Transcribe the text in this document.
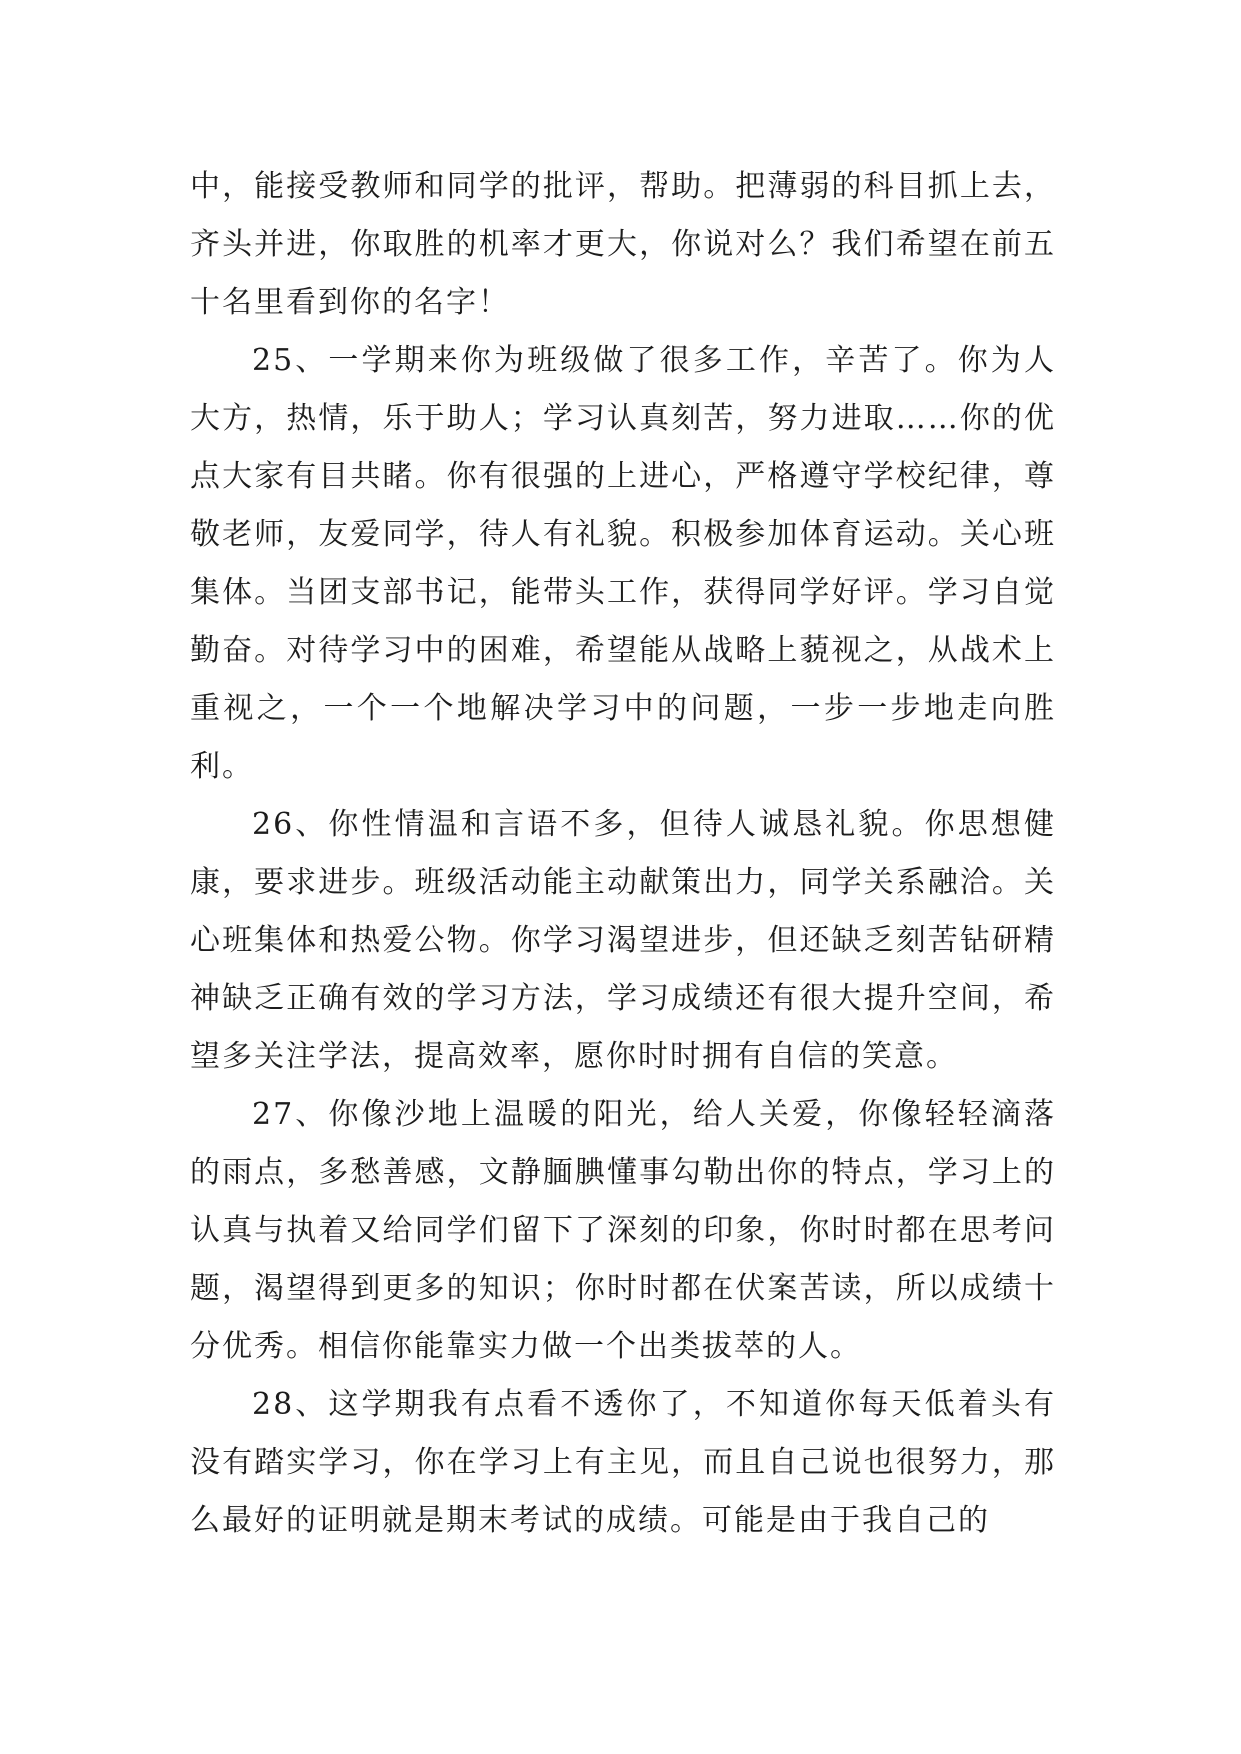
中，能接受教师和同学的批评，帮助。把薄弱的科目抓上去，齐头并进，你取胜的机率才更大，你说对么？我们希望在前五十名里看到你的名字！

25、一学期来你为班级做了很多工作，辛苦了。你为人大方，热情，乐于助人；学习认真刻苦，努力进取……你的优点大家有目共睹。你有很强的上进心，严格遵守学校纪律，尊敬老师，友爱同学，待人有礼貌。积极参加体育运动。关心班集体。当团支部书记，能带头工作，获得同学好评。学习自觉勤奋。对待学习中的困难，希望能从战略上藐视之，从战术上重视之，一个一个地解决学习中的问题，一步一步地走向胜利。

26、你性情温和言语不多，但待人诚恳礼貌。你思想健康，要求进步。班级活动能主动献策出力，同学关系融洽。关心班集体和热爱公物。你学习渴望进步，但还缺乏刻苦钻研精神缺乏正确有效的学习方法，学习成绩还有很大提升空间，希望多关注学法，提高效率，愿你时时拥有自信的笑意。

27、你像沙地上温暖的阳光，给人关爱，你像轻轻滴落的雨点，多愁善感，文静腼腆懂事勾勒出你的特点，学习上的认真与执着又给同学们留下了深刻的印象，你时时都在思考问题，渴望得到更多的知识；你时时都在伏案苦读，所以成绩十分优秀。相信你能靠实力做一个出类拔萃的人。

28、这学期我有点看不透你了，不知道你每天低着头有没有踏实学习，你在学习上有主见，而且自己说也很努力，那么最好的证明就是期末考试的成绩。可能是由于我自己的
